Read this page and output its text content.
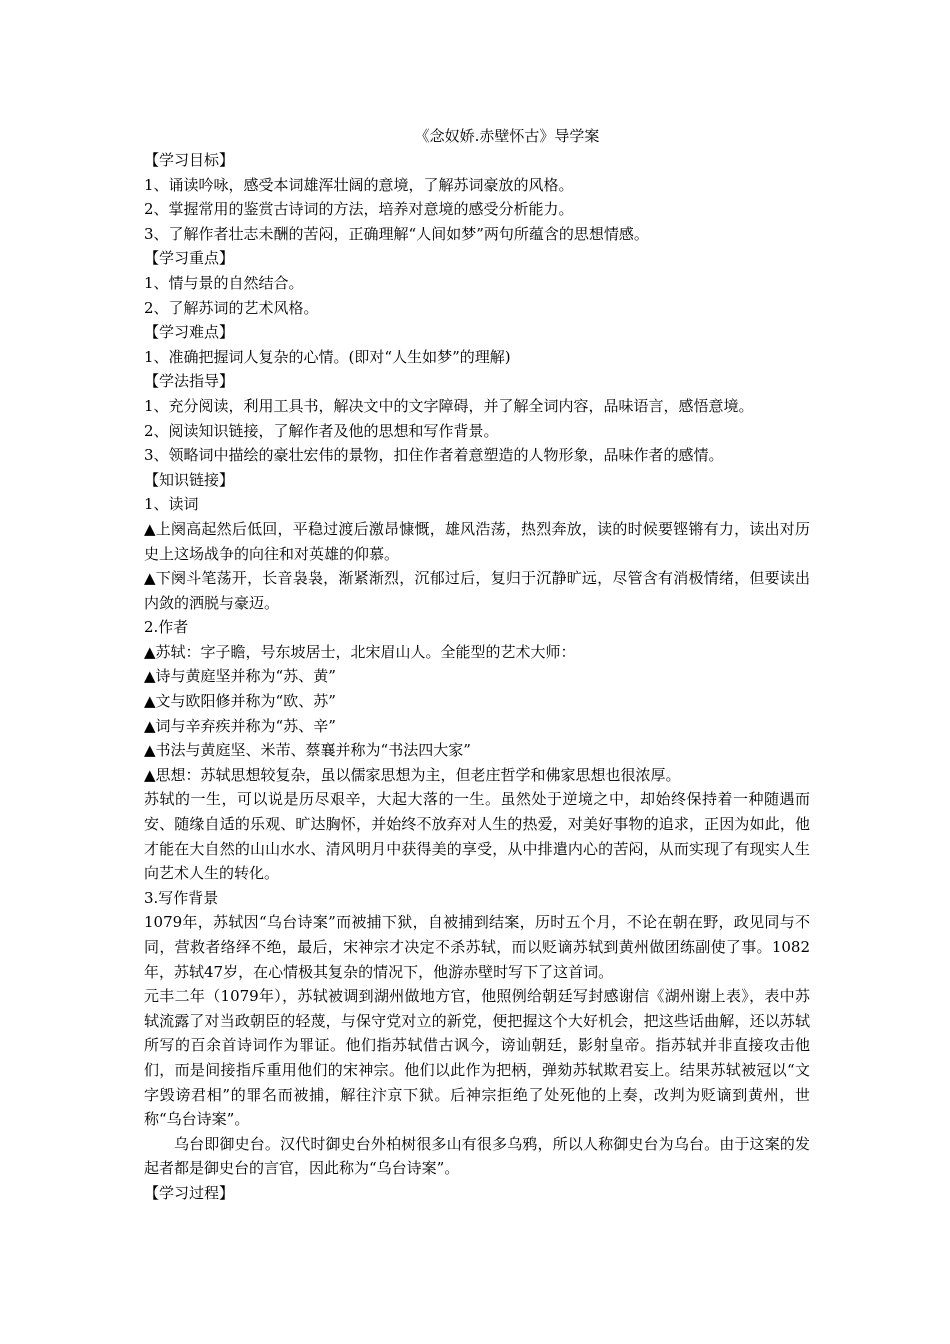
《念奴娇.赤壁怀古》导学案

【学习目标】

1、诵读吟咏，感受本词雄浑壮阔的意境，了解苏词豪放的风格。

2、掌握常用的鉴赏古诗词的方法，培养对意境的感受分析能力。

3、了解作者壮志未酬的苦闷，正确理解“人间如梦”两句所蕴含的思想情感。

【学习重点】

1、情与景的自然结合。

2、了解苏词的艺术风格。

【学习难点】

1、准确把握词人复杂的心情。(即对“人生如梦”的理解)

【学法指导】

1、充分阅读，利用工具书，解决文中的文字障碍，并了解全词内容，品味语言，感悟意境。

2、阅读知识链接，了解作者及他的思想和写作背景。

3、领略词中描绘的豪壮宏伟的景物，扣住作者着意塑造的人物形象，品味作者的感情。

【知识链接】

1、读词

▲上阕高起然后低回，平稳过渡后激昂慷慨，雄风浩荡，热烈奔放，读的时候要铿锵有力，读出对历史上这场战争的向往和对英雄的仰慕。

▲下阕斗笔荡开，长音袅袅，渐紧渐烈，沉郁过后，复归于沉静旷远，尽管含有消极情绪，但要读出内敛的洒脱与豪迈。

2.作者

▲苏轼：字子瞻，号东坡居士，北宋眉山人。全能型的艺术大师：

▲诗与黄庭坚并称为“苏、黄”

▲文与欧阳修并称为“欧、苏”

▲词与辛弃疾并称为“苏、辛”

▲书法与黄庭坚、米芾、蔡襄并称为“书法四大家”

▲思想：苏轼思想较复杂，虽以儒家思想为主，但老庄哲学和佛家思想也很浓厚。

苏轼的一生，可以说是历尽艰辛，大起大落的一生。虽然处于逆境之中，却始终保持着一种随遇而安、随缘自适的乐观、旷达胸怀，并始终不放弃对人生的热爱，对美好事物的追求，正因为如此，他才能在大自然的山山水水、清风明月中获得美的享受，从中排遣内心的苦闷，从而实现了有现实人生向艺术人生的转化。

3.写作背景

1079年，苏轼因“乌台诗案”而被捕下狱，自被捕到结案，历时五个月，不论在朝在野，政见同与不同，营救者络绎不绝，最后，宋神宗才决定不杀苏轼，而以贬谪苏轼到黄州做团练副使了事。1082年，苏轼47岁，在心情极其复杂的情况下，他游赤壁时写下了这首词。

元丰二年（1079年），苏轼被调到湖州做地方官，他照例给朝廷写封感谢信《湖州谢上表》，表中苏轼流露了对当政朝臣的轻蔑，与保守党对立的新党，便把握这个大好机会，把这些话曲解，还以苏轼所写的百余首诗词作为罪证。他们指苏轼借古讽今，谤讪朝廷，影射皇帝。指苏轼并非直接攻击他们，而是间接指斥重用他们的宋神宗。他们以此作为把柄，弹劾苏轼欺君妄上。结果苏轼被冠以“文字毁谤君相”的罪名而被捕，解往汴京下狱。后神宗拒绝了处死他的上奏，改判为贬谪到黄州，世称“乌台诗案”。

乌台即御史台。汉代时御史台外柏树很多山有很多乌鸦，所以人称御史台为乌台。由于这案的发起者都是御史台的言官，因此称为“乌台诗案”。

【学习过程】
